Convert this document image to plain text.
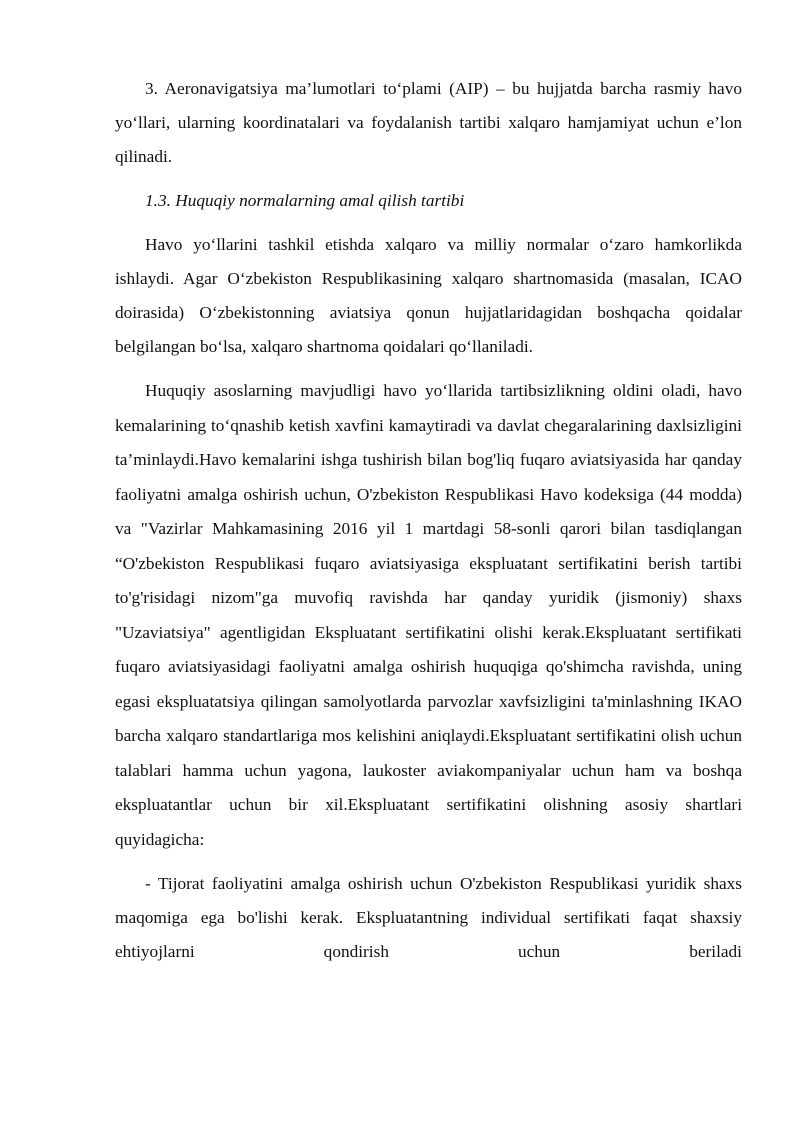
3. Aeronavigatsiya ma’lumotlari to‘plami (AIP) – bu hujjatda barcha rasmiy havo yo‘llari, ularning koordinatalari va foydalanish tartibi xalqaro hamjamiyat uchun e’lon qilinadi.

1.3. Huquqiy normalarning amal qilish tartibi

Havo yo‘llarini tashkil etishda xalqaro va milliy normalar o‘zaro hamkorlikda ishlaydi. Agar O‘zbekiston Respublikasining xalqaro shartnomasida (masalan, ICAO doirasida) O‘zbekistonning aviatsiya qonun hujjatlaridagidan boshqacha qoidalar belgilangan bo‘lsa, xalqaro shartnoma qoidalari qo‘llaniladi.

Huquqiy asoslarning mavjudligi havo yo‘llarida tartibsizlikning oldini oladi, havo kemalarining to‘qnashib ketish xavfini kamaytiradi va davlat chegaralarining daxlsizligini ta’minlaydi.Havo kemalarini ishga tushirish bilan bog'liq fuqaro aviatsiyasida har qanday faoliyatni amalga oshirish uchun, O'zbekiston Respublikasi Havo kodeksiga (44 modda) va "Vazirlar Mahkamasining 2016 yil 1 martdagi 58-sonli qarori bilan tasdiqlangan “O'zbekiston Respublikasi fuqaro aviatsiyasiga ekspluatant sertifikatini berish tartibi to'g'risidagi nizom"ga muvofiq ravishda har qanday yuridik (jismoniy) shaxs "Uzaviatsiya" agentligidan Ekspluatant sertifikatini olishi kerak.Ekspluatant sertifikati fuqaro aviatsiyasidagi faoliyatni amalga oshirish huquqiga qo'shimcha ravishda, uning egasi ekspluatatsiya qilingan samolyotlarda parvozlar xavfsizligini ta'minlashning IKAO barcha xalqaro standartlariga mos kelishini aniqlaydi.Ekspluatant sertifikatini olish uchun talablari hamma uchun yagona, laukoster aviakompaniyalar uchun ham va boshqa ekspluatantlar uchun bir xil.Ekspluatant sertifikatini olishning asosiy shartlari quyidagicha:

- Tijorat faoliyatini amalga oshirish uchun O'zbekiston Respublikasi yuridik shaxs maqomiga ega bo'lishi kerak. Ekspluatantning individual sertifikati faqat shaxsiy ehtiyojlarni qondirish uchun beriladi
